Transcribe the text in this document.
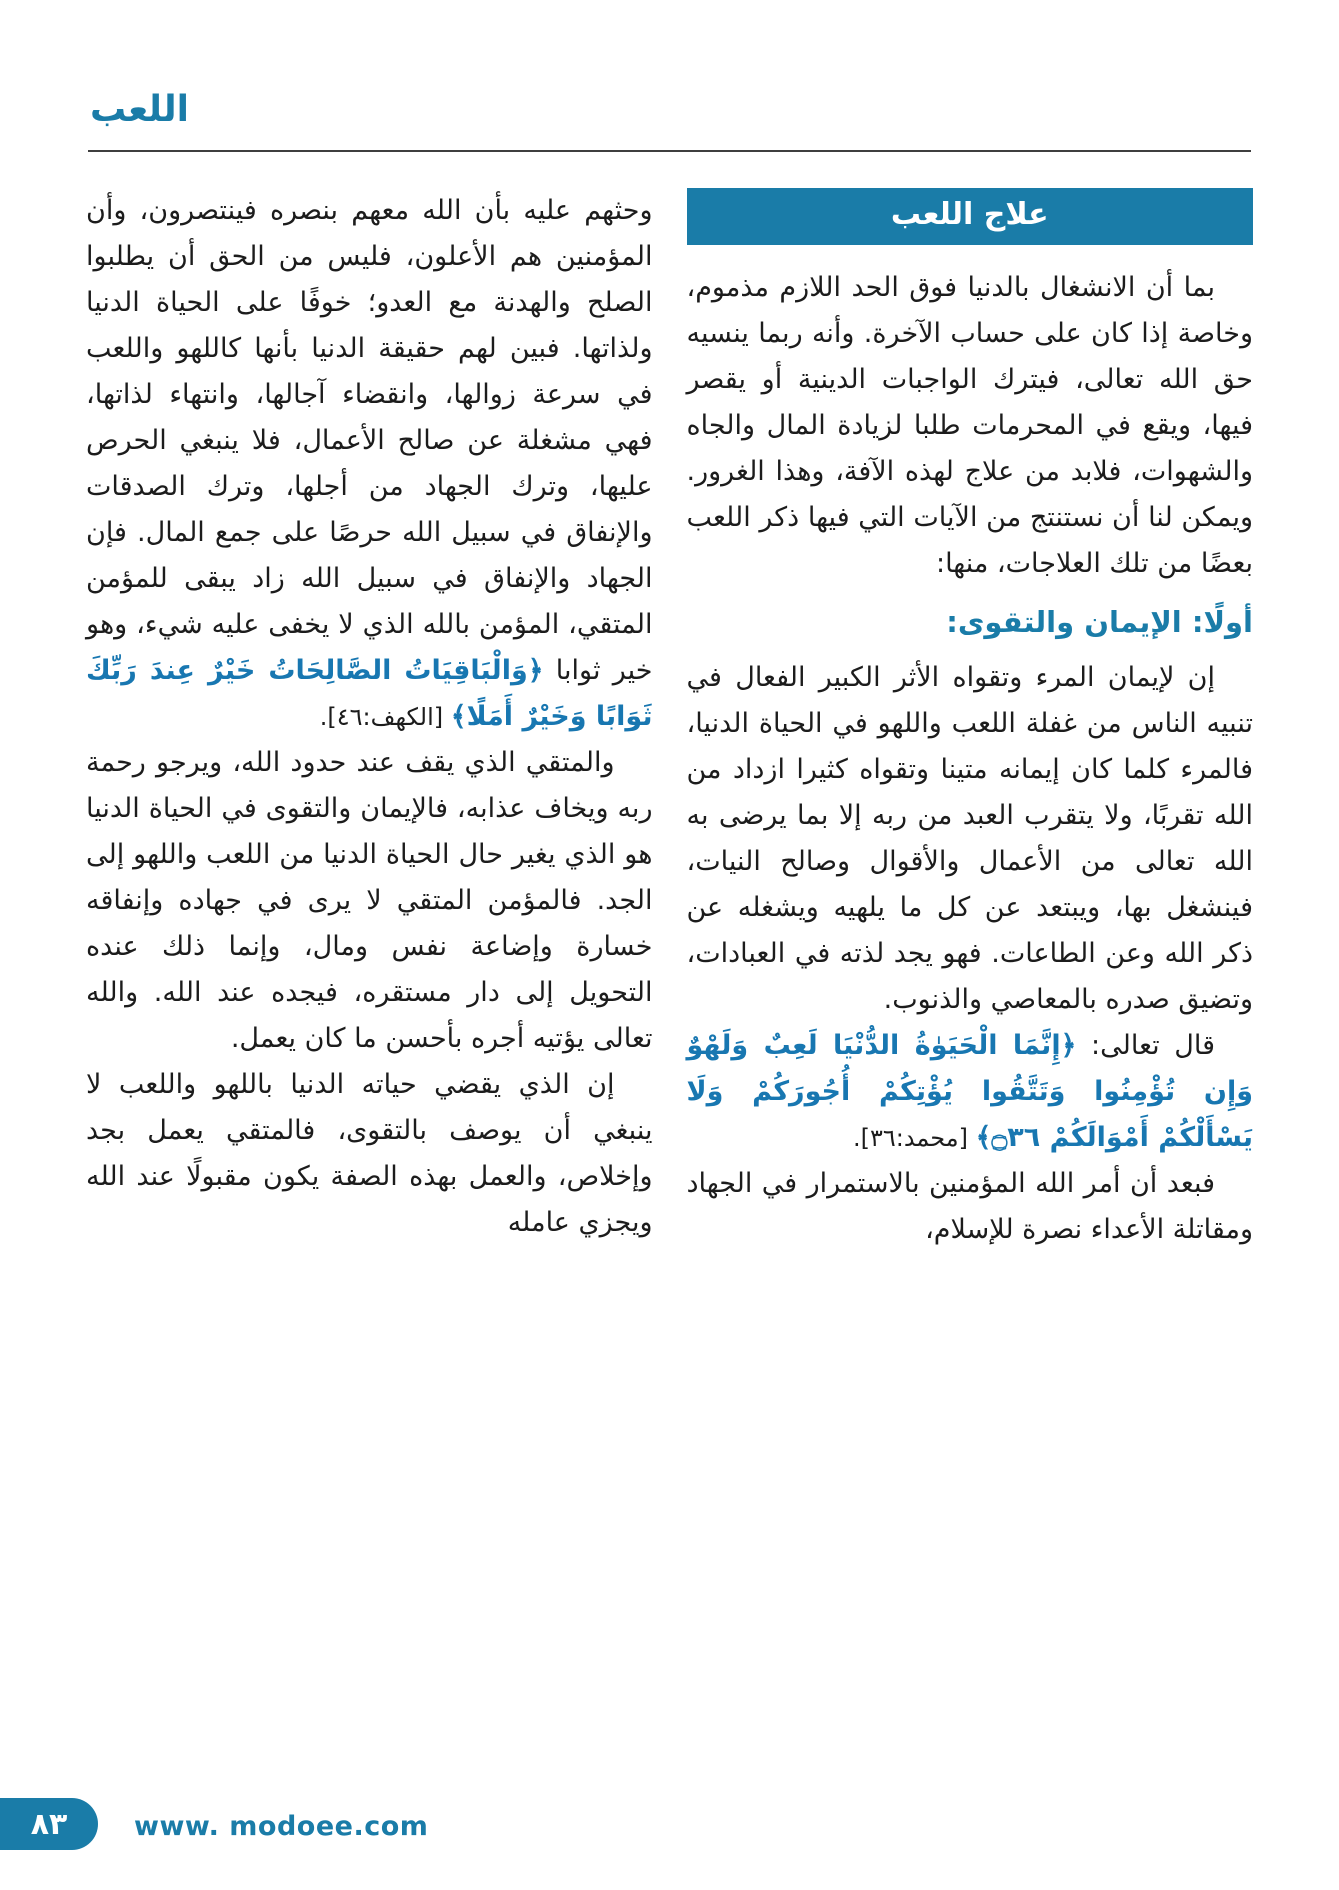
اللعب
علاج اللعب

بما أن الانشغال بالدنيا فوق الحد اللازم مذموم، وخاصة إذا كان على حساب الآخرة. وأنه ربما ينسيه حق الله تعالى، فيترك الواجبات الدينية أو يقصر فيها، ويقع في المحرمات طلبا لزيادة المال والجاه والشهوات، فلابد من علاج لهذه الآفة، وهذا الغرور. ويمكن لنا أن نستنتج من الآيات التي فيها ذكر اللعب بعضًا من تلك العلاجات، منها:

أولًا: الإيمان والتقوى:

إن لإيمان المرء وتقواه الأثر الكبير الفعال في تنبيه الناس من غفلة اللعب واللهو في الحياة الدنيا، فالمرء كلما كان إيمانه متينا وتقواه كثيرا ازداد من الله تقربًا، ولا يتقرب العبد من ربه إلا بما يرضى به الله تعالى من الأعمال والأقوال وصالح النيات، فينشغل بها، ويبتعد عن كل ما يلهيه ويشغله عن ذكر الله وعن الطاعات. فهو يجد لذته في العبادات، وتضيق صدره بالمعاصي والذنوب.

قال تعالى: ﴿إِنَّمَا الْحَيَوٰةُ الدُّنْيَا لَعِبٌ وَلَهْوٌ وَإِن تُؤْمِنُوا وَتَتَّقُوا يُؤْتِكُمْ أُجُورَكُمْ وَلَا يَسْأَلْكُمْ أَمْوَالَكُمْ ۝٣٦﴾ [محمد:٣٦].

فبعد أن أمر الله المؤمنين بالاستمرار في الجهاد ومقاتلة الأعداء نصرة للإسلام،

وحثهم عليه بأن الله معهم بنصره فينتصرون، وأن المؤمنين هم الأعلون، فليس من الحق أن يطلبوا الصلح والهدنة مع العدو؛ خوفًا على الحياة الدنيا ولذاتها. فبين لهم حقيقة الدنيا بأنها كاللهو واللعب في سرعة زوالها، وانقضاء آجالها، وانتهاء لذاتها، فهي مشغلة عن صالح الأعمال، فلا ينبغي الحرص عليها، وترك الجهاد من أجلها، وترك الصدقات والإنفاق في سبيل الله حرصًا على جمع المال. فإن الجهاد والإنفاق في سبيل الله زاد يبقى للمؤمن المتقي، المؤمن بالله الذي لا يخفى عليه شيء، وهو خير ثوابا ﴿وَالْبَاقِيَاتُ الصَّالِحَاتُ خَيْرٌ عِندَ رَبِّكَ ثَوَابًا وَخَيْرٌ أَمَلًا﴾ [الكهف:٤٦].

والمتقي الذي يقف عند حدود الله، ويرجو رحمة ربه ويخاف عذابه، فالإيمان والتقوى في الحياة الدنيا هو الذي يغير حال الحياة الدنيا من اللعب واللهو إلى الجد. فالمؤمن المتقي لا يرى في جهاده وإنفاقه خسارة وإضاعة نفس ومال، وإنما ذلك عنده التحويل إلى دار مستقره، فيجده عند الله. والله تعالى يؤتيه أجره بأحسن ما كان يعمل.

إن الذي يقضي حياته الدنيا باللهو واللعب لا ينبغي أن يوصف بالتقوى، فالمتقي يعمل بجد وإخلاص، والعمل بهذه الصفة يكون مقبولًا عند الله ويجزي عامله

٨٣	www. modoee.com
